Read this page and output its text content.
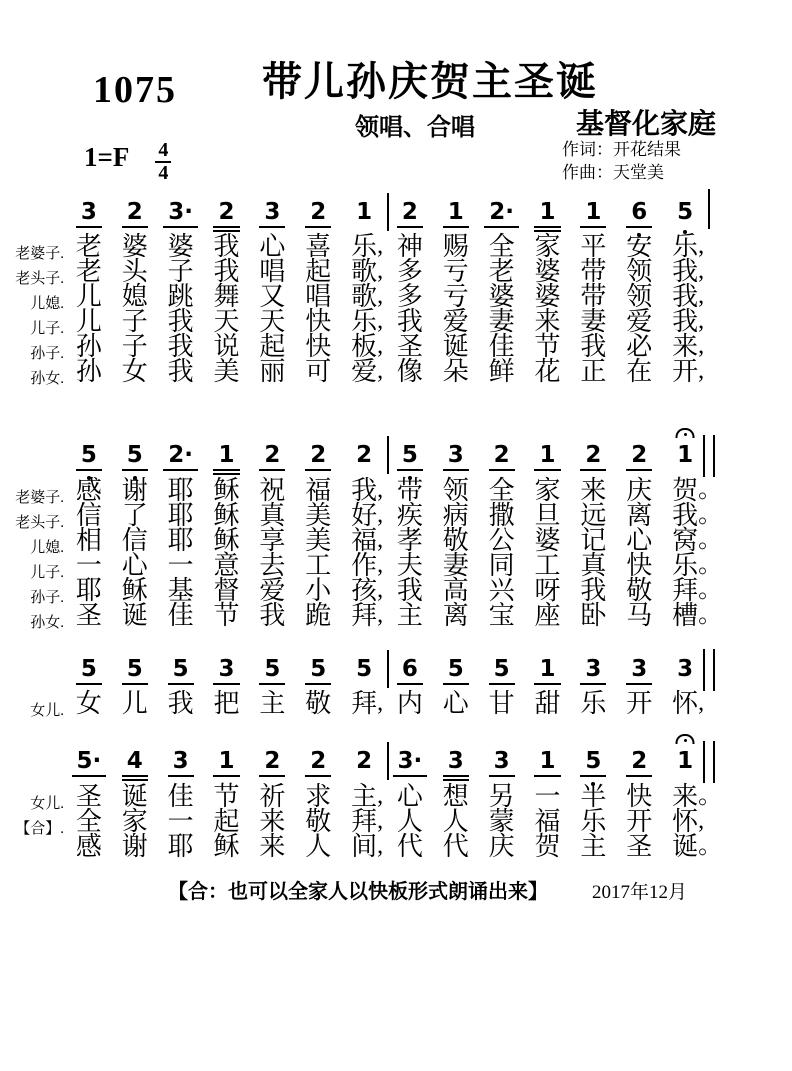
1075	带儿孙庆贺主圣诞
领唱、合唱	基督化家庭
作词：开花结果
作曲：天堂美
$1=F \frac{4}{4}$
3	2	3·	2	3	2	1	2	1	2·	1	1	6	5
老婆子. 老 婆 婆 我 心 喜 乐 , 神 赐 全 家 平 安 乐 ,
老头子. 老 头 子 我 唱 起 歌 , 多 亏 老 婆 带 领 我 ,
儿媳. 儿 媳 跳 舞 又 唱 歌 , 多 亏 婆 婆 带 领 我 ,
儿子. 儿 子 我 天 天 快 乐 , 我 爱 妻 来 妻 爱 我 ,
孙子. 孙 子 我 说 起 快 板 , 圣 诞 佳 节 我 必 来 ,
孙女. 孙 女 我 美 丽 可 爱 , 像 朵 鲜 花 正 在 开 ,
5	5	2·	1	2	2	2	5	3	2	1	2	2	1
老婆子. 感 谢 耶 稣 祝 福 我 , 带 领 全 家 来 庆 贺 。
老头子. 信 了 耶 稣 真 美 好 , 疾 病 撒 旦 远 离 我 。
儿媳. 相 信 耶 稣 享 美 福 , 孝 敬 公 婆 记 心 窝 。
儿子. 一 心 一 意 去 工 作 , 夫 妻 同 工 真 快 乐 。
孙子. 耶 稣 基 督 爱 小 孩 , 我 高 兴 呀 我 敬 拜 。
孙女. 圣 诞 佳 节 我 跪 拜 , 主 离 宝 座 卧 马 槽 。
5	5	5	3	5	5	5	6	5	5	1	3	3	3
女儿. 女 儿 我 把 主 敬 拜 , 内 心 甘 甜 乐 开 怀 ,
5·	4	3	1	2	2	2	3·	3	3	1	5	2	1
女儿. 圣 诞 佳 节 祈 求 主 , 心 想 另 一 半 快 来 。
【合】. 全 家 一 起 来 敬 拜 , 人 人 蒙 福 乐 开 怀 ,
感 谢 耶 稣 来 人 间 , 代 代 庆 贺 主 圣 诞 。
【合：也可以全家人以快板形式朗诵出来】 2017年12月
